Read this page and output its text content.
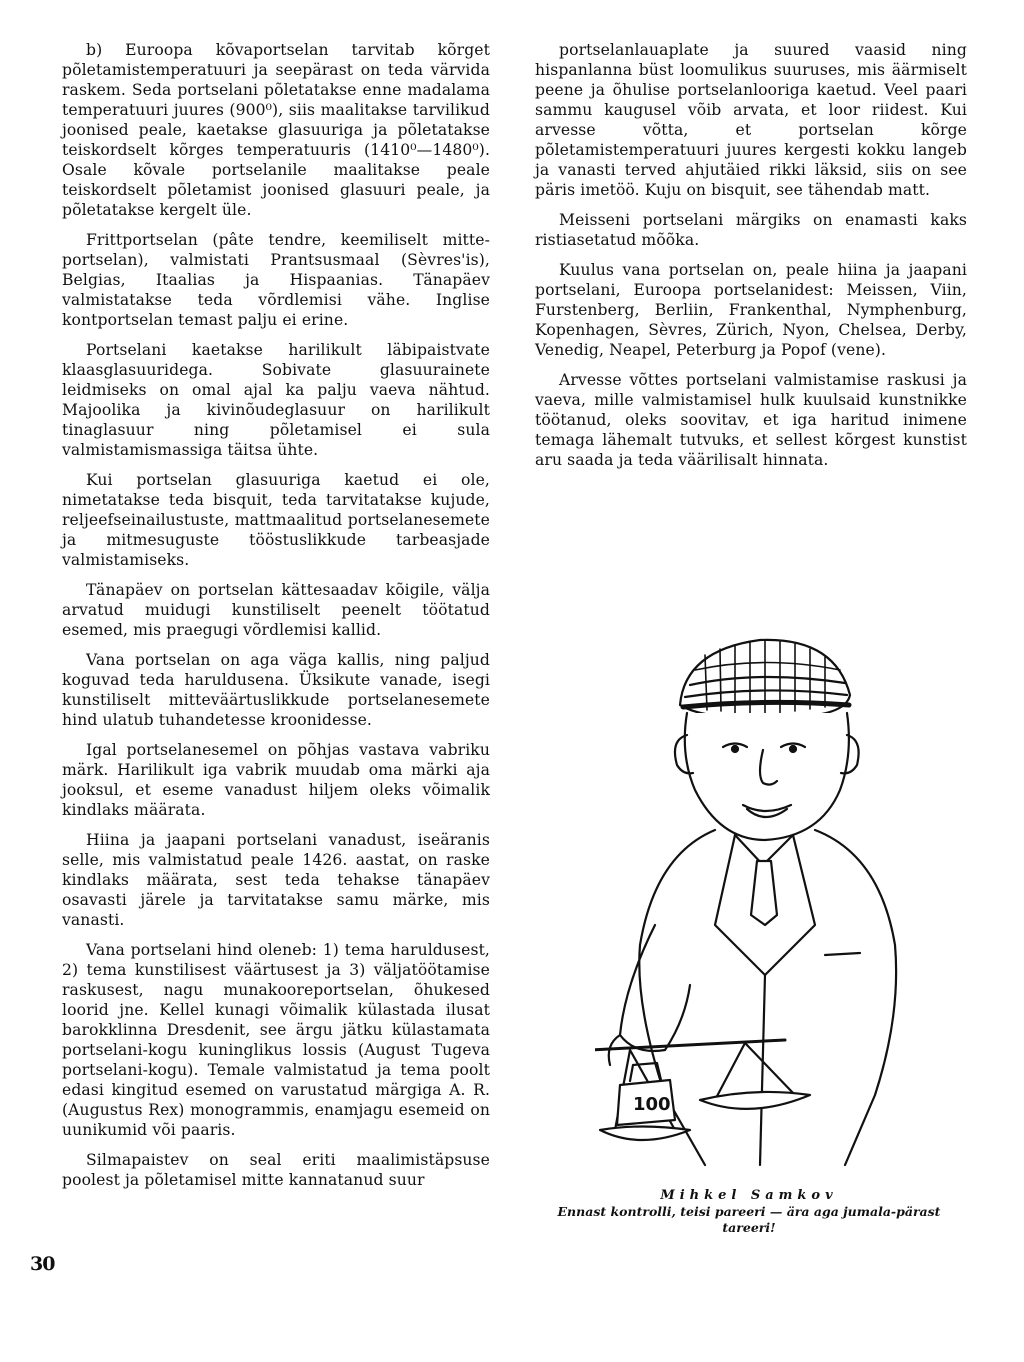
b) Euroopa kõvaportselan tarvitab kõrget põletamistemperatuuri ja seepärast on teda värvida raskem. Seda portselani põletatakse enne madalama temperatuuri juures (900⁰), siis maalitakse tarvilikud joonised peale, kaetakse glasuuriga ja põletatakse teiskordselt kõrges temperatuuris (1410⁰—1480⁰). Osale kõvale portselanile maalitakse peale teiskordselt põletamist joonised glasuuri peale, ja põletatakse kergelt üle.

Frittportselan (pâte tendre, keemiliselt mitte-portselan), valmistati Prantsusmaal (Sèvres'is), Belgias, Itaalias ja Hispaanias. Tänapäev valmistatakse teda võrdlemisi vähe. Inglise kontportselan temast palju ei erine.

Portselani kaetakse harilikult läbipaistvate klaasglasuuridega. Sobivate glasuurainete leidmiseks on omal ajal ka palju vaeva nähtud. Majoolika ja kivinõudeglasuur on harilikult tinaglasuur ning põletamisel ei sula valmistamismassiga täitsa ühte.

Kui portselan glasuuriga kaetud ei ole, nimetatakse teda bisquit, teda tarvitatakse kujude, reljeefseinailustuste, mattmaalitud portselanesemete ja mitmesuguste tööstuslikkude tarbeasjade valmistamiseks.

Tänapäev on portselan kättesaadav kõigile, välja arvatud muidugi kunstiliselt peenelt töötatud esemed, mis praegugi võrdlemisi kallid.

Vana portselan on aga väga kallis, ning paljud koguvad teda haruldusena. Üksikute vanade, isegi kunstiliselt mitteväärtuslikkude portselanesemete hind ulatub tuhandetesse kroonidesse.

Igal portselanesemel on põhjas vastava vabriku märk. Harilikult iga vabrik muudab oma märki aja jooksul, et eseme vanadust hiljem oleks võimalik kindlaks määrata.

Hiina ja jaapani portselani vanadust, iseäranis selle, mis valmistatud peale 1426. aastat, on raske kindlaks määrata, sest teda tehakse tänapäev osavasti järele ja tarvitatakse samu märke, mis vanasti.

Vana portselani hind oleneb: 1) tema haruldusest, 2) tema kunstilisest väärtusest ja 3) väljatöötamise raskusest, nagu munakooreportselan, õhukesed loorid jne. Kellel kunagi võimalik külastada ilusat barokklinna Dresdenit, see ärgu jätku külastamata portselani-kogu kuninglikus lossis (August Tugeva portselani-kogu). Temale valmistatud ja tema poolt edasi kingitud esemed on varustatud märgiga A. R. (Augustus Rex) monogrammis, enamjagu esemeid on uunikumid või paaris.

Silmapaistev on seal eriti maalimistäpsuse poolest ja põletamisel mitte kannatanud suur

portselanlauaplate ja suured vaasid ning hispanlanna büst loomulikus suuruses, mis äärmiselt peene ja õhulise portselanlooriga kaetud. Veel paari sammu kaugusel võib arvata, et loor riidest. Kui arvesse võtta, et portselan kõrge põletamistemperatuuri juures kergesti kokku langeb ja vanasti terved ahjutäied rikki läksid, siis on see päris imetöö. Kuju on bisquit, see tähendab matt.

Meisseni portselani märgiks on enamasti kaks ristiasetatud mõõka.

Kuulus vana portselan on, peale hiina ja jaapani portselani, Euroopa portselanidest: Meissen, Viin, Furstenberg, Berliin, Frankenthal, Nymphenburg, Kopenhagen, Sèvres, Zürich, Nyon, Chelsea, Derby, Venedig, Neapel, Peterburg ja Popof (vene).

Arvesse võttes portselani valmistamise raskusi ja vaeva, mille valmistamisel hulk kuulsaid kunstnikke töötanud, oleks soovitav, et iga haritud inimene temaga lähemalt tutvuks, et sellest kõrgest kunstist aru saada ja teda väärilisalt hinnata.

100
Mihkel Samkov
Ennast kontrolli, teisi pareeri — ära aga jumala-pärast tareeri!
30
